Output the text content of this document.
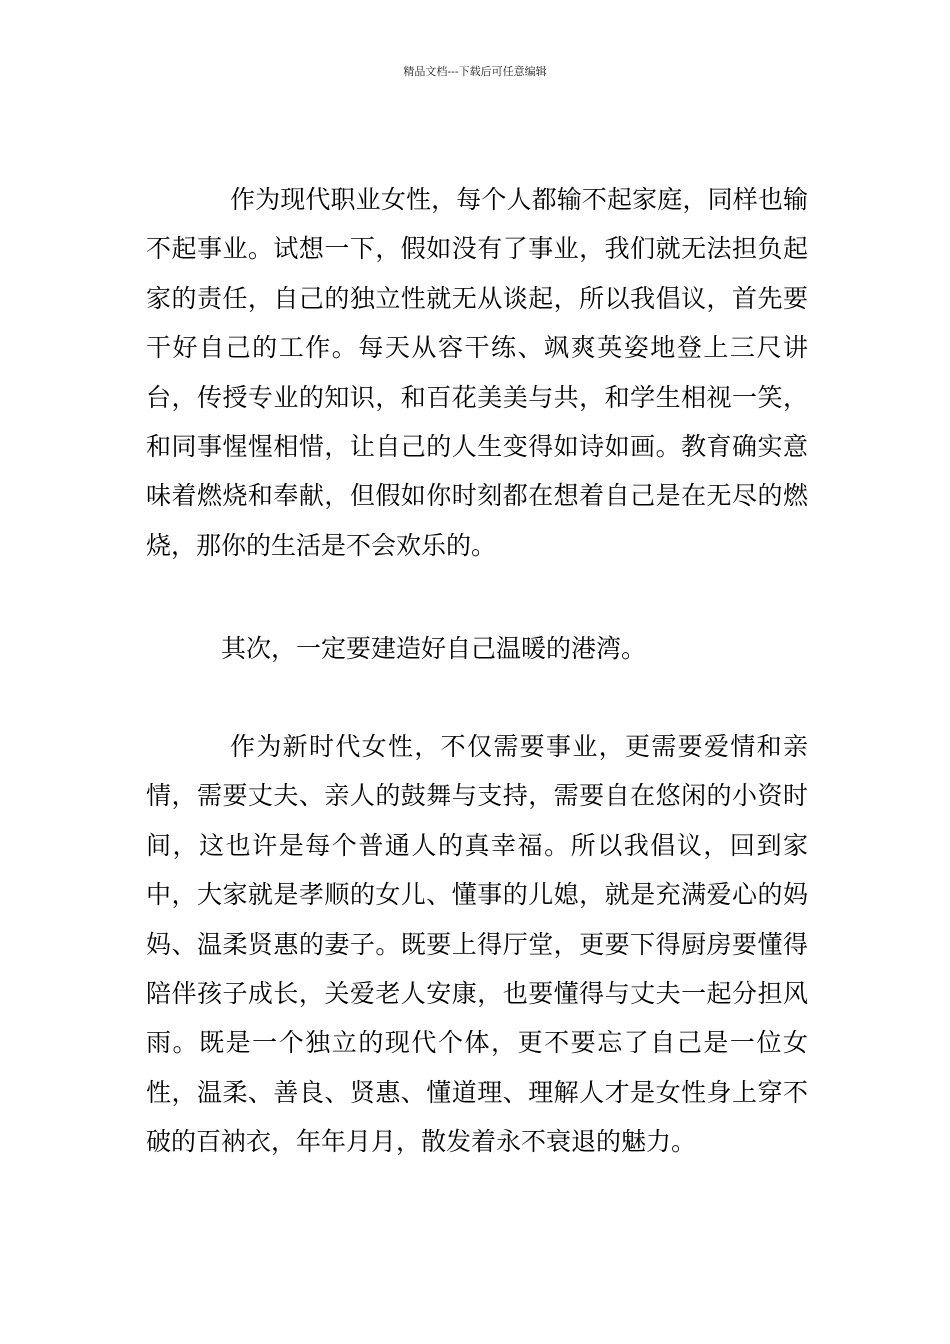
精品文档---下载后可任意编辑

作为现代职业女性，每个人都输不起家庭，同样也输不起事业。试想一下，假如没有了事业，我们就无法担负起家的责任，自己的独立性就无从谈起，所以我倡议，首先要干好自己的工作。每天从容干练、飒爽英姿地登上三尺讲台，传授专业的知识，和百花美美与共，和学生相视一笑，和同事惺惺相惜，让自己的人生变得如诗如画。教育确实意味着燃烧和奉献，但假如你时刻都在想着自己是在无尽的燃烧，那你的生活是不会欢乐的。

其次，一定要建造好自己温暖的港湾。

作为新时代女性，不仅需要事业，更需要爱情和亲情，需要丈夫、亲人的鼓舞与支持，需要自在悠闲的小资时间，这也许是每个普通人的真幸福。所以我倡议，回到家中，大家就是孝顺的女儿、懂事的儿媳，就是充满爱心的妈妈、温柔贤惠的妻子。既要上得厅堂，更要下得厨房要懂得陪伴孩子成长，关爱老人安康，也要懂得与丈夫一起分担风雨。既是一个独立的现代个体，更不要忘了自己是一位女性，温柔、善良、贤惠、懂道理、理解人才是女性身上穿不破的百衲衣，年年月月，散发着永不衰退的魅力。
